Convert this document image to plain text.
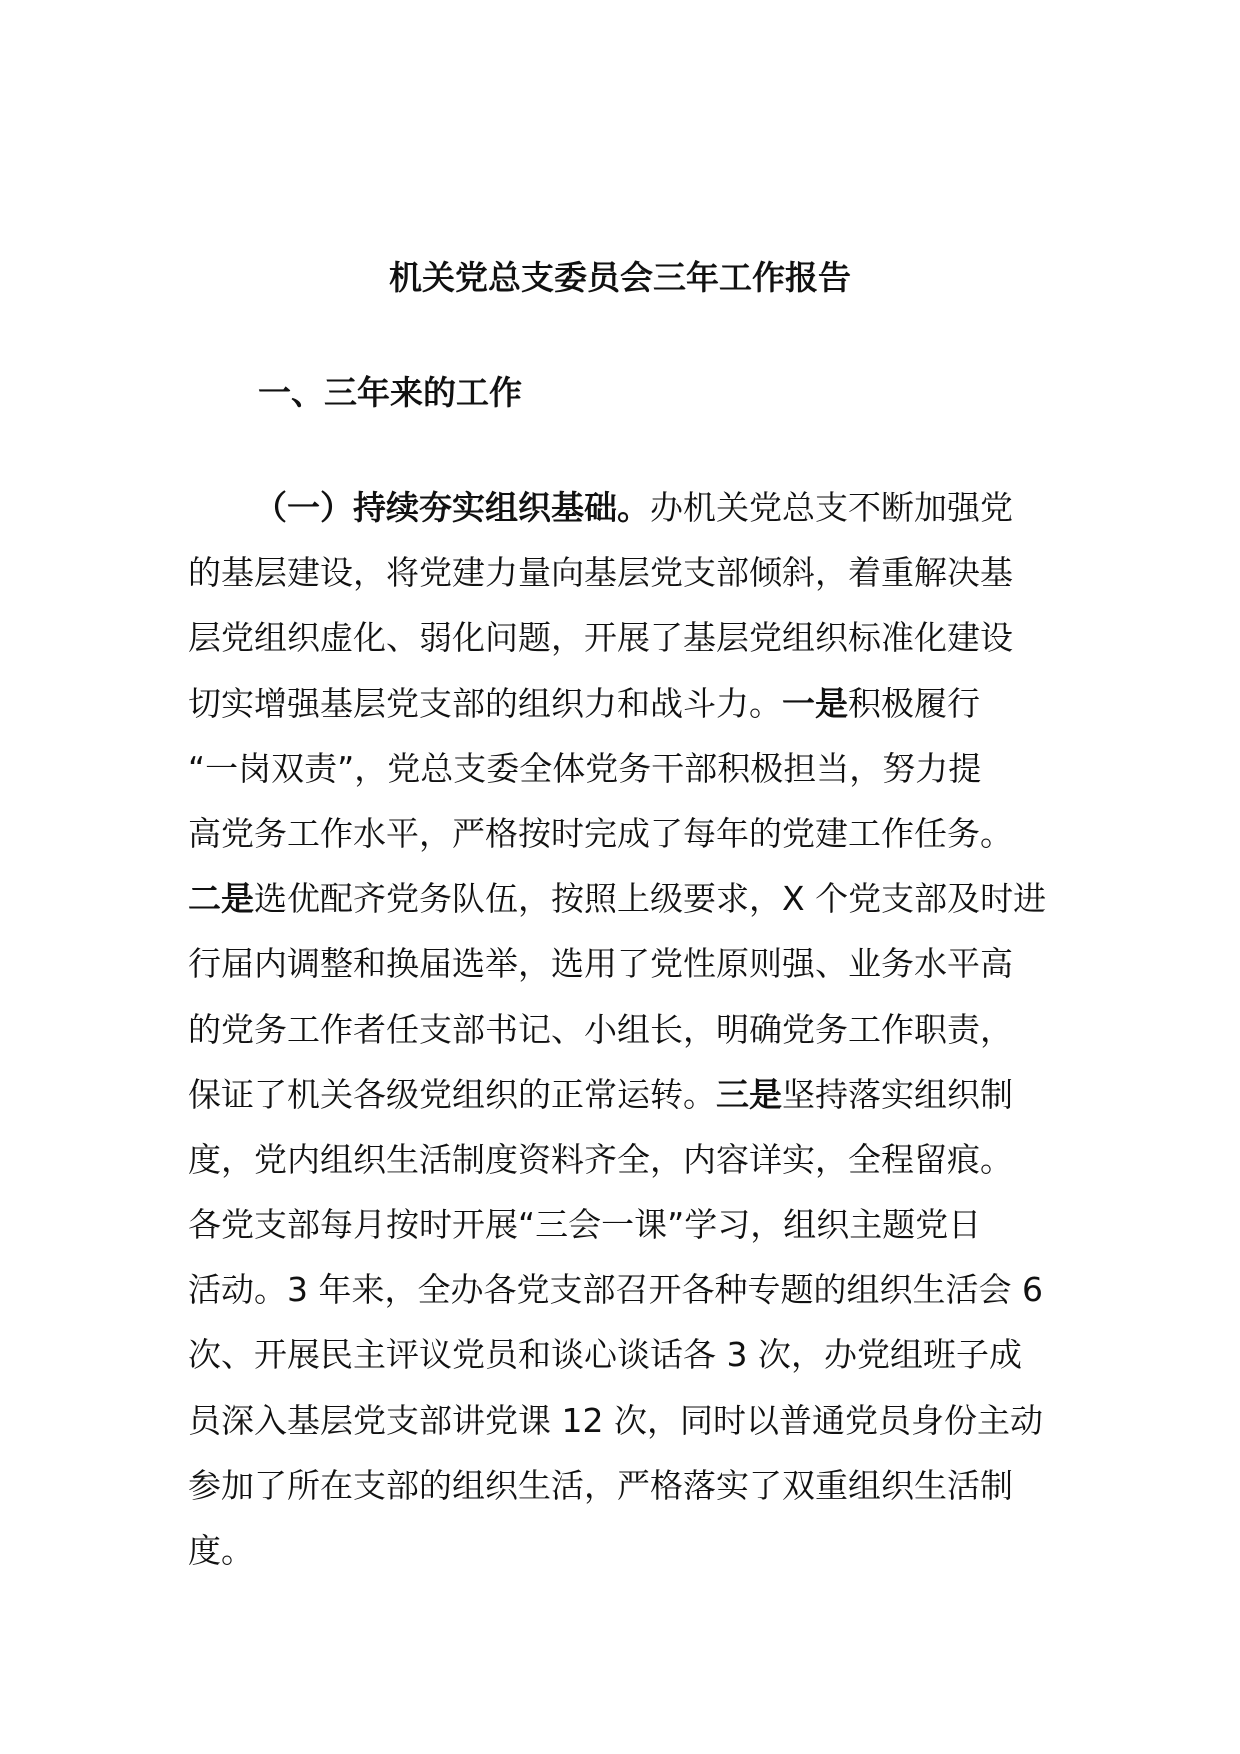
机关党总支委员会三年工作报告
一、三年来的工作
（一）持续夯实组织基础。办机关党总支不断加强党
的基层建设，将党建力量向基层党支部倾斜，着重解决基
层党组织虚化、弱化问题，开展了基层党组织标准化建设
切实增强基层党支部的组织力和战斗力。一是积极履行
“一岗双责”，党总支委全体党务干部积极担当，努力提
高党务工作水平，严格按时完成了每年的党建工作任务。
二是选优配齐党务队伍，按照上级要求，X 个党支部及时进
行届内调整和换届选举，选用了党性原则强、业务水平高
的党务工作者任支部书记、小组长，明确党务工作职责，
保证了机关各级党组织的正常运转。三是坚持落实组织制
度，党内组织生活制度资料齐全，内容详实，全程留痕。
各党支部每月按时开展“三会一课”学习，组织主题党日
活动。3 年来，全办各党支部召开各种专题的组织生活会 6
次、开展民主评议党员和谈心谈话各 3 次，办党组班子成
员深入基层党支部讲党课 12 次，同时以普通党员身份主动
参加了所在支部的组织生活，严格落实了双重组织生活制
度。
